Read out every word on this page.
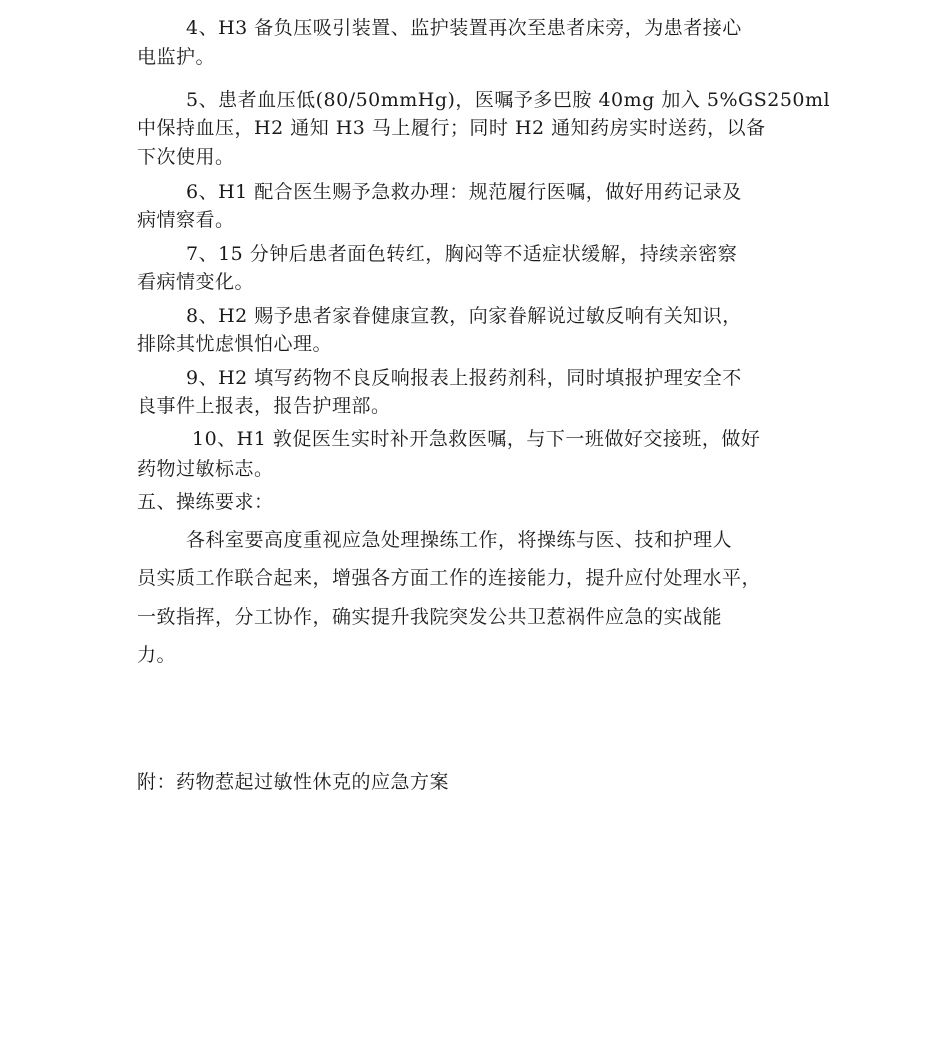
4、H3 备负压吸引装置、监护装置再次至患者床旁，为患者接心
电监护。
5、患者血压低(80/50mmHg)，医嘱予多巴胺 40mg 加入 5%GS250ml
中保持血压，H2 通知 H3 马上履行；同时 H2 通知药房实时送药，以备
下次使用。
6、H1 配合医生赐予急救办理：规范履行医嘱，做好用药记录及
病情察看。
7、15 分钟后患者面色转红，胸闷等不适症状缓解，持续亲密察
看病情变化。
8、H2 赐予患者家眷健康宣教，向家眷解说过敏反响有关知识，
排除其忧虑惧怕心理。
9、H2 填写药物不良反响报表上报药剂科，同时填报护理安全不
良事件上报表，报告护理部。
10、H1 敦促医生实时补开急救医嘱，与下一班做好交接班，做好
药物过敏标志。
五、操练要求：
各科室要高度重视应急处理操练工作，将操练与医、技和护理人
员实质工作联合起来，增强各方面工作的连接能力，提升应付处理水平，
一致指挥，分工协作，确实提升我院突发公共卫惹祸件应急的实战能
力。
附：药物惹起过敏性休克的应急方案
